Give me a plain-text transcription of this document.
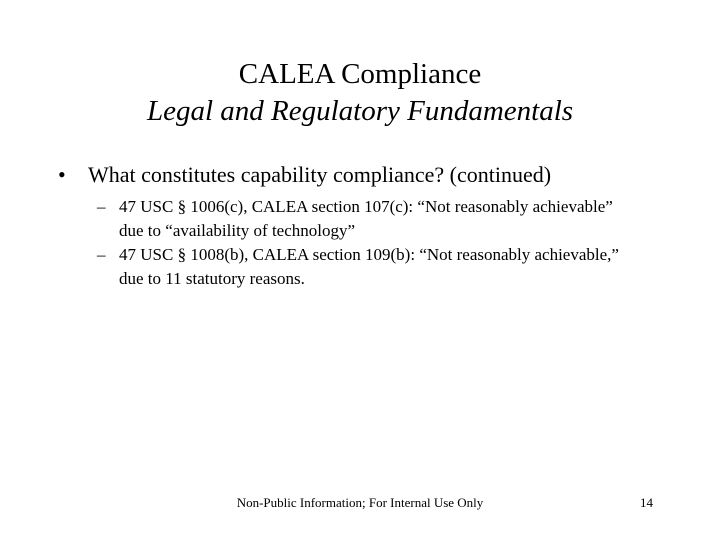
CALEA Compliance
Legal and Regulatory Fundamentals
•	What constitutes capability compliance? (continued)
– 47 USC § 1006(c), CALEA section 107(c): “Not reasonably achievable” due to “availability of technology”
– 47 USC § 1008(b), CALEA section 109(b): “Not reasonably achievable,” due to 11 statutory reasons.
Non-Public Information; For Internal Use Only	14
